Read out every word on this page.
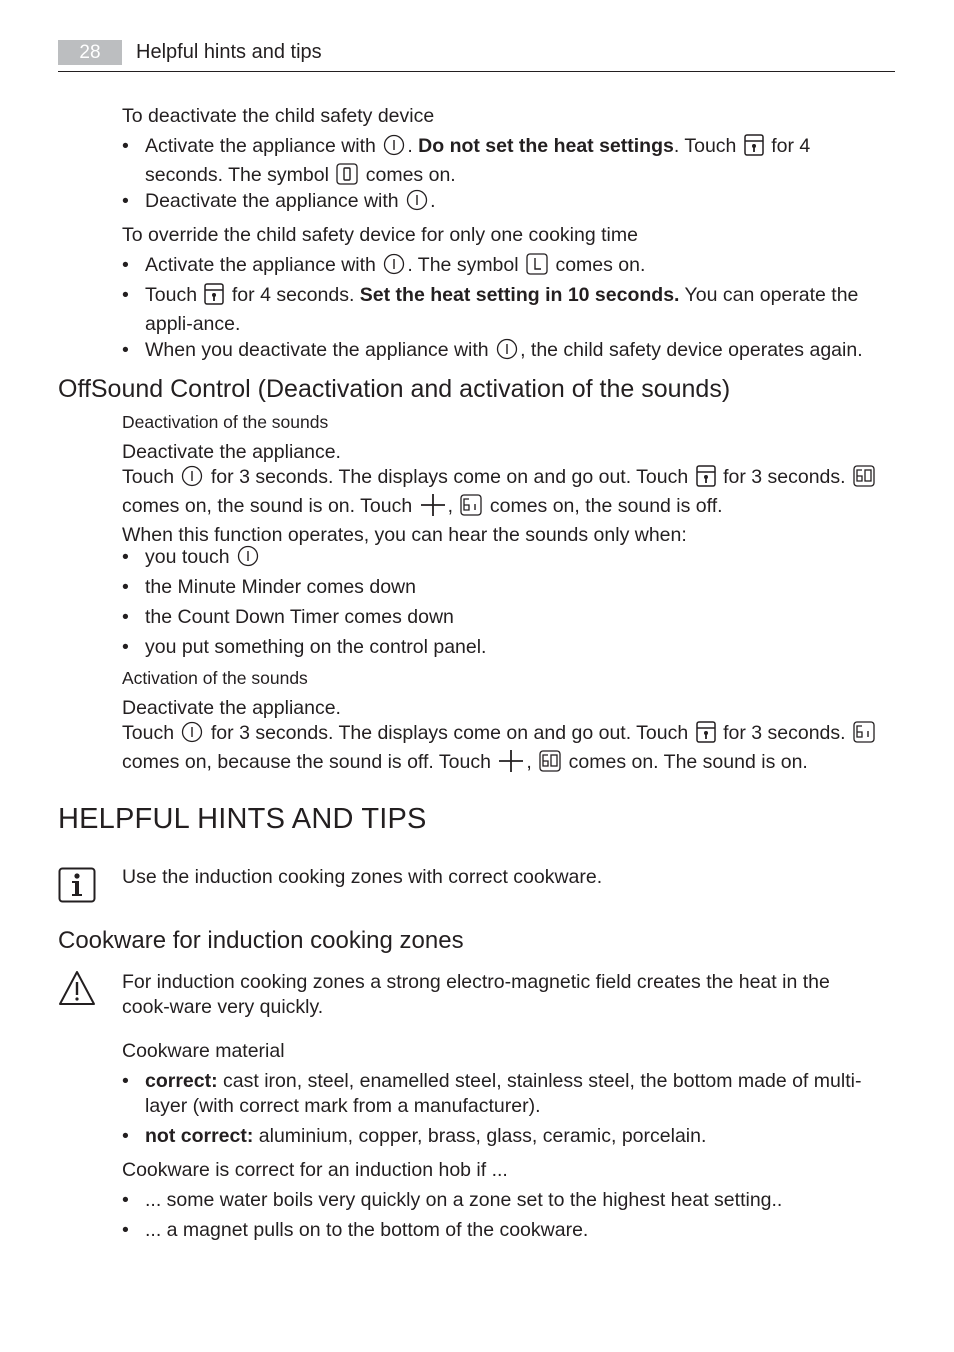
28	Helpful hints and tips
To deactivate the child safety device
• Activate the appliance with . Do not set the heat settings. Touch for 4 seconds. The symbol comes on.
• Deactivate the appliance with .
To override the child safety device for only one cooking time
• Activate the appliance with . The symbol comes on.
• Touch for 4 seconds. Set the heat setting in 10 seconds. You can operate the appli-ance.
• When you deactivate the appliance with , the child safety device operates again.
OffSound Control (Deactivation and activation of the sounds)
Deactivation of the sounds
Deactivate the appliance.
Touch for 3 seconds. The displays come on and go out. Touch for 3 seconds.
comes on, the sound is on. Touch , comes on, the sound is off.
When this function operates, you can hear the sounds only when:
• you touch
• the Minute Minder comes down
• the Count Down Timer comes down
• you put something on the control panel.
Activation of the sounds
Deactivate the appliance.
Touch for 3 seconds. The displays come on and go out. Touch for 3 seconds.
comes on, because the sound is off. Touch , comes on. The sound is on.
HELPFUL HINTS AND TIPS
Use the induction cooking zones with correct cookware.
Cookware for induction cooking zones
For induction cooking zones a strong electro-magnetic field creates the heat in the cook-ware very quickly.
Cookware material
• correct: cast iron, steel, enamelled steel, stainless steel, the bottom made of multi-layer (with correct mark from a manufacturer).
• not correct: aluminium, copper, brass, glass, ceramic, porcelain.
Cookware is correct for an induction hob if ...
• ... some water boils very quickly on a zone set to the highest heat setting..
• ... a magnet pulls on to the bottom of the cookware.
